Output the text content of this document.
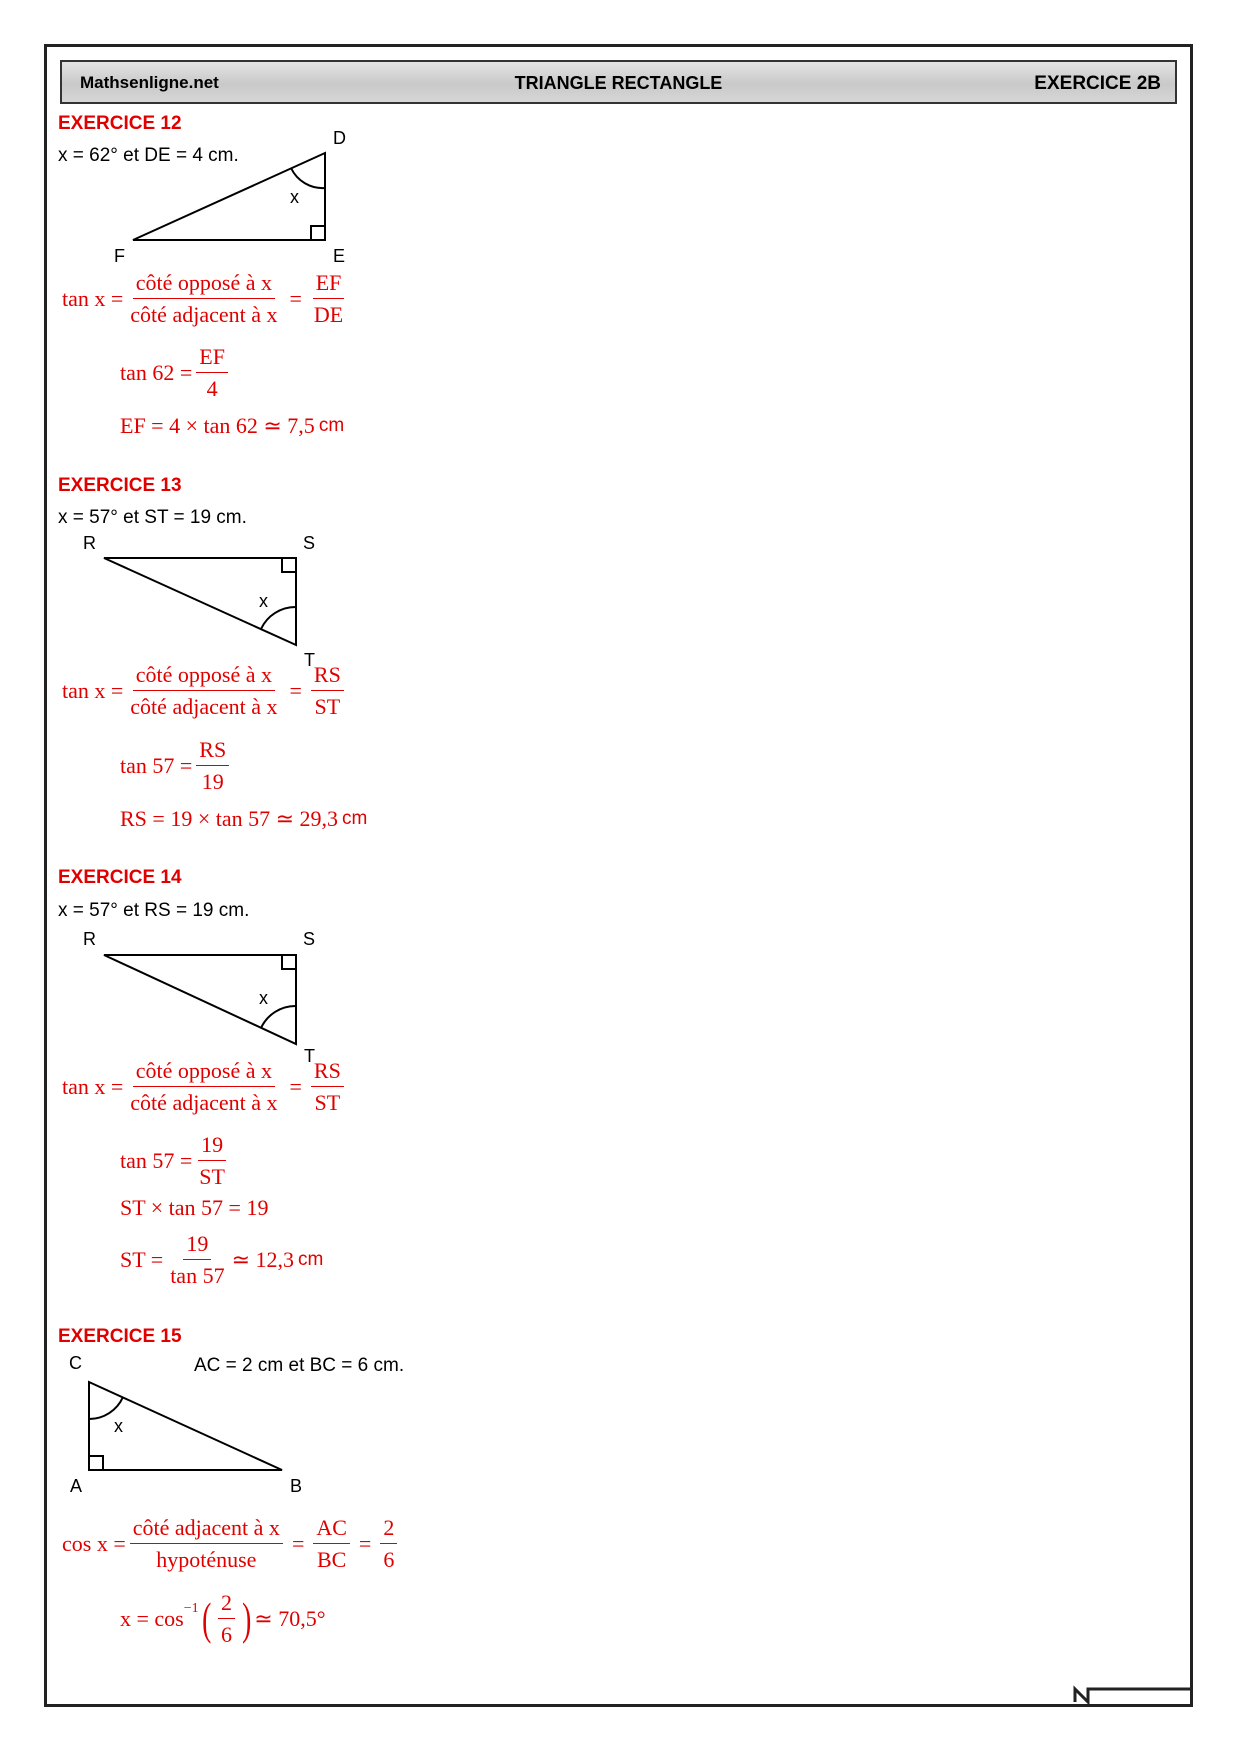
Mathsenligne.net	TRIANGLE RECTANGLE	EXERCICE 2B
EXERCICE 12
x = 62° et DE = 4 cm.
D
F	E
x
$\tan x = \frac{\text{côté opposé à x}}{\text{côté adjacent à x}} = \frac{EF}{DE}$
$\tan 62 = \frac{EF}{4}$
EF = 4 × tan 62 ≃ 7,5 cm
EXERCICE 13
x = 57° et ST = 19 cm.
R	S
T
x
$\tan x = \frac{\text{côté opposé à x}}{\text{côté adjacent à x}} = \frac{RS}{ST}$
$\tan 57 = \frac{RS}{19}$
RS = 19 × tan 57 ≃ 29,3 cm
EXERCICE 14
x = 57° et RS = 19 cm.
R	S
T
x
$\tan x = \frac{\text{côté opposé à x}}{\text{côté adjacent à x}} = \frac{RS}{ST}$
$\tan 57 = \frac{19}{ST}$
ST × tan 57 = 19
ST = $\frac{19}{\tan 57}$ ≃ 12,3 cm
EXERCICE 15
C	AC = 2 cm et BC = 6 cm.
A	B
x
$\cos x = \frac{\text{côté adjacent à x}}{\text{hypoténuse}} = \frac{AC}{BC} = \frac{2}{6}$
$x = \cos^{-1}$ ( $\frac{2}{6}$ ) ≃ 70,5°
